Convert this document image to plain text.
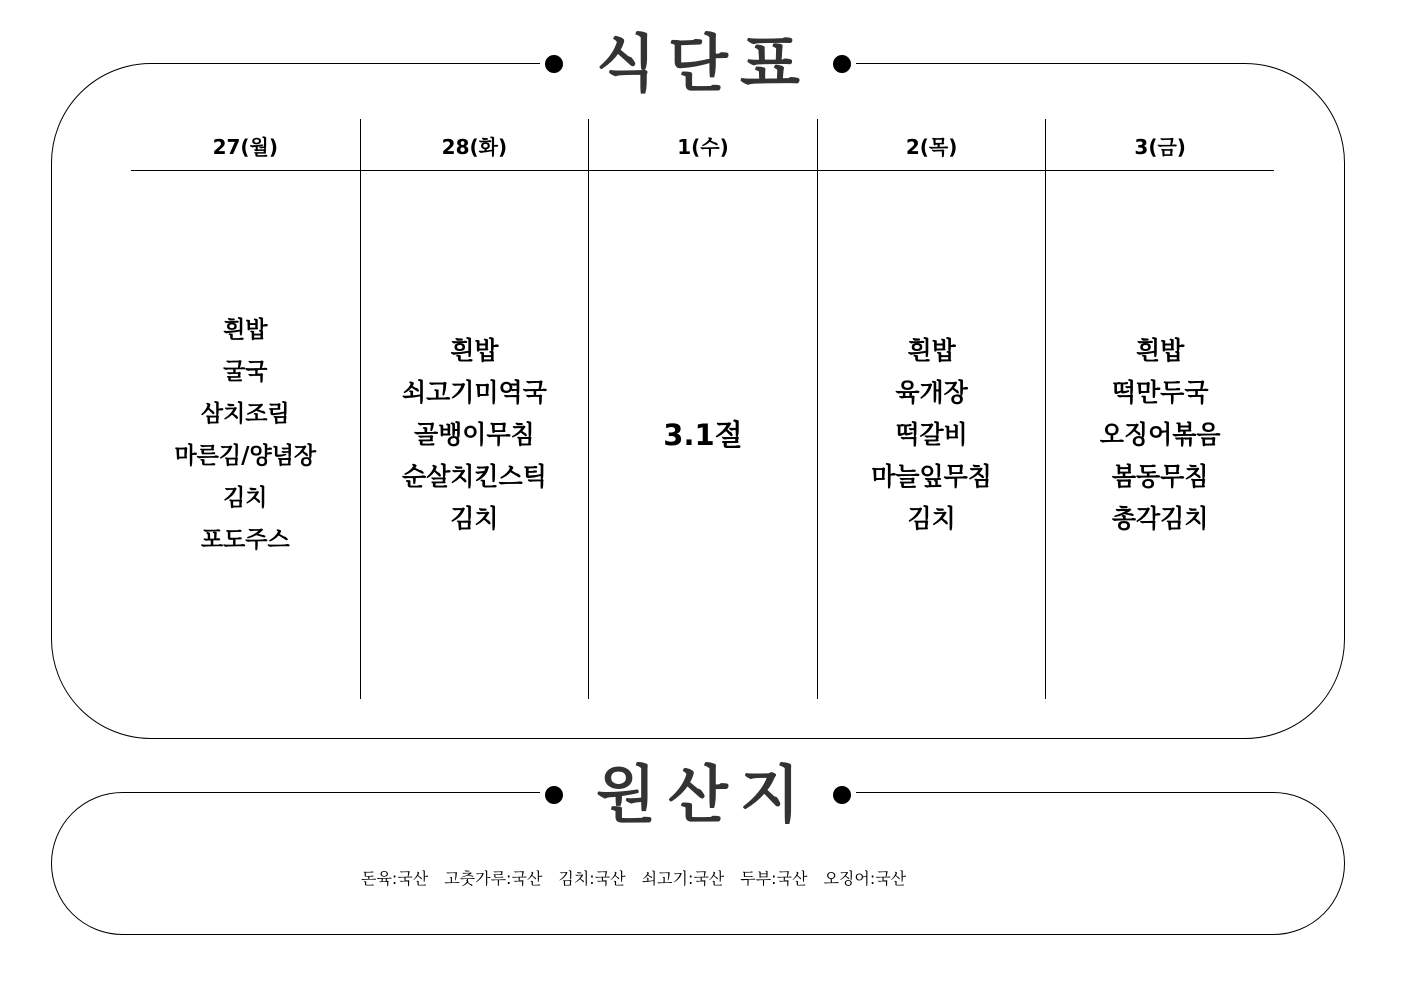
식단표
27(월)
흰밥
굴국
삼치조림
마른김/양념장
김치
포도주스
28(화)
흰밥
쇠고기미역국
골뱅이무침
순살치킨스틱
김치
1(수)
3.1절
2(목)
흰밥
육개장
떡갈비
마늘잎무침
김치
3(금)
흰밥
떡만두국
오징어볶음
봄동무침
총각김치
원산지
돈육:국산 고춧가루:국산 김치:국산 쇠고기:국산 두부:국산 오징어:국산
